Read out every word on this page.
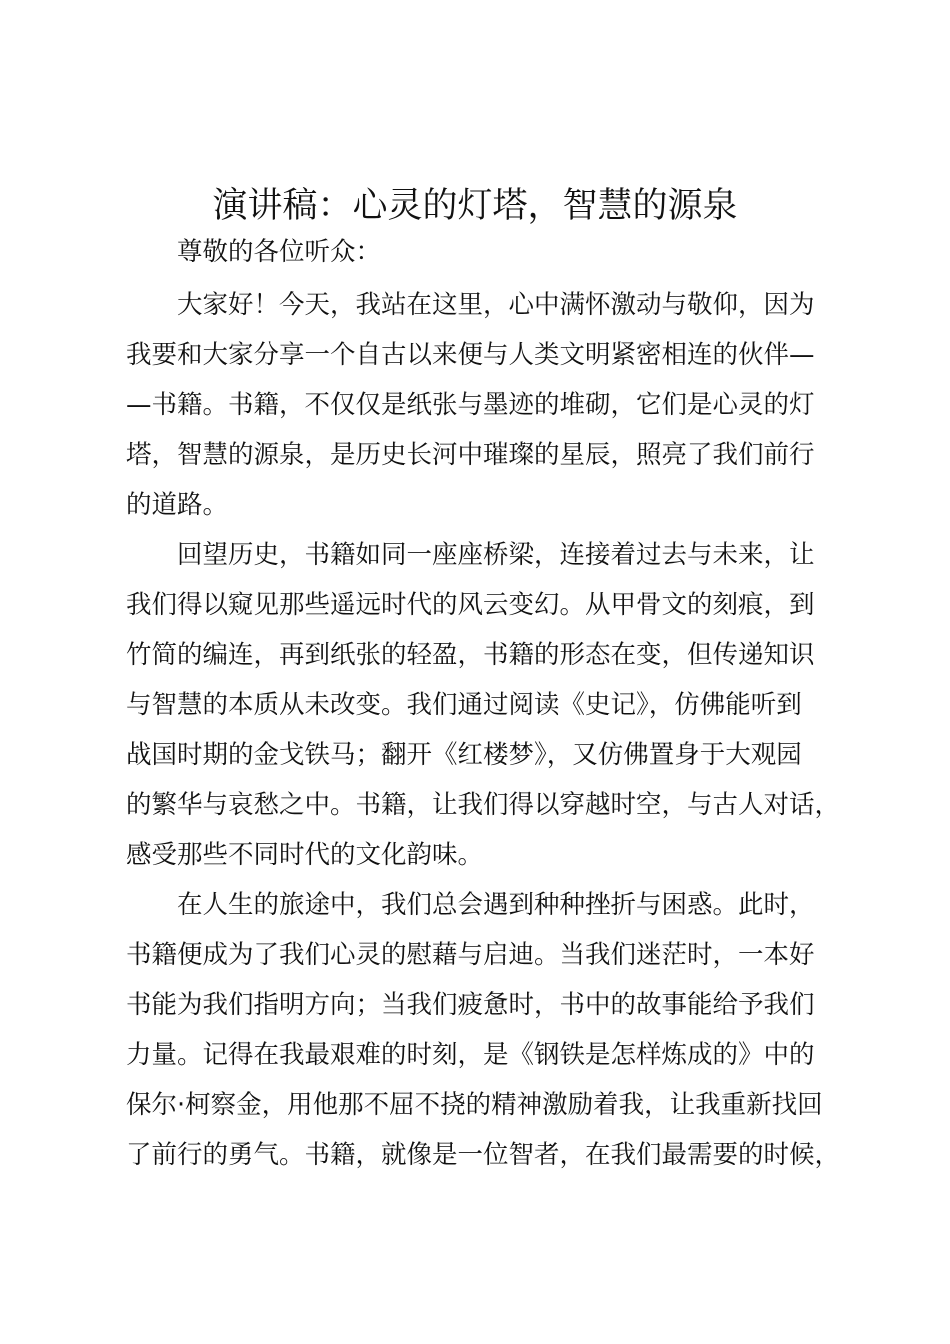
演讲稿：心灵的灯塔，智慧的源泉
　　尊敬的各位听众：
　　大家好！今天，我站在这里，心中满怀激动与敬仰，因为
我要和大家分享一个自古以来便与人类文明紧密相连的伙伴—
—书籍。书籍，不仅仅是纸张与墨迹的堆砌，它们是心灵的灯
塔，智慧的源泉，是历史长河中璀璨的星辰，照亮了我们前行
的道路。
　　回望历史，书籍如同一座座桥梁，连接着过去与未来，让
我们得以窥见那些遥远时代的风云变幻。从甲骨文的刻痕，到
竹简的编连，再到纸张的轻盈，书籍的形态在变，但传递知识
与智慧的本质从未改变。我们通过阅读《史记》，仿佛能听到
战国时期的金戈铁马；翻开《红楼梦》，又仿佛置身于大观园
的繁华与哀愁之中。书籍，让我们得以穿越时空，与古人对话，
感受那些不同时代的文化韵味。
　　在人生的旅途中，我们总会遇到种种挫折与困惑。此时，
书籍便成为了我们心灵的慰藉与启迪。当我们迷茫时，一本好
书能为我们指明方向；当我们疲惫时，书中的故事能给予我们
力量。记得在我最艰难的时刻，是《钢铁是怎样炼成的》中的
保尔·柯察金，用他那不屈不挠的精神激励着我，让我重新找回
了前行的勇气。书籍，就像是一位智者，在我们最需要的时候，
